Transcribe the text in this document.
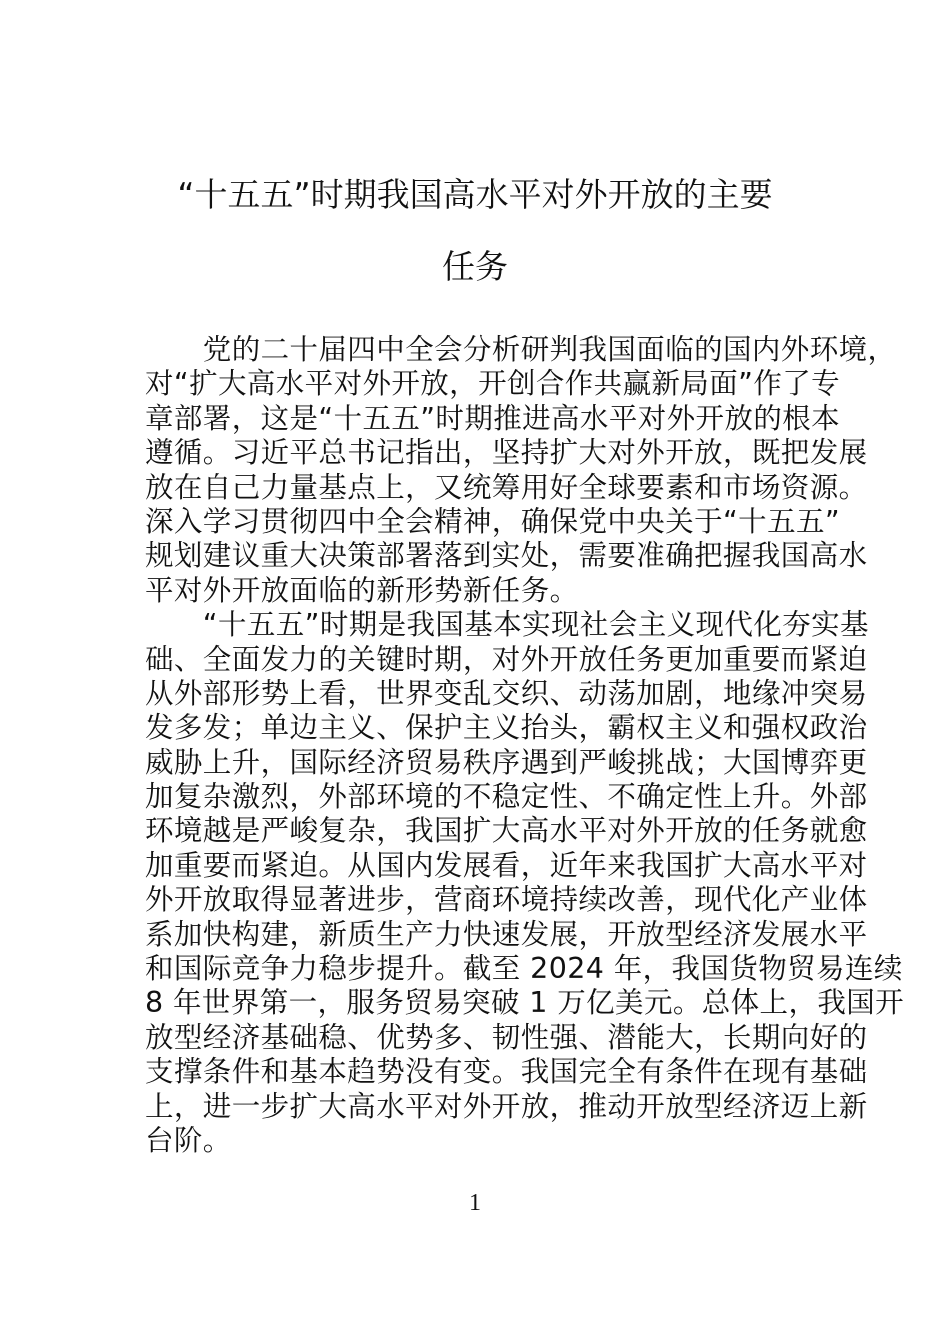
“十五五”时期我国高水平对外开放的主要
任务
　　党的二十届四中全会分析研判我国面临的国内外环境，
对“扩大高水平对外开放，开创合作共赢新局面”作了专
章部署，这是“十五五”时期推进高水平对外开放的根本
遵循。习近平总书记指出，坚持扩大对外开放，既把发展
放在自己力量基点上，又统筹用好全球要素和市场资源。
深入学习贯彻四中全会精神，确保党中央关于“十五五”
规划建议重大决策部署落到实处，需要准确把握我国高水
平对外开放面临的新形势新任务。
　　“十五五”时期是我国基本实现社会主义现代化夯实基
础、全面发力的关键时期，对外开放任务更加重要而紧迫
从外部形势上看，世界变乱交织、动荡加剧，地缘冲突易
发多发；单边主义、保护主义抬头，霸权主义和强权政治
威胁上升，国际经济贸易秩序遇到严峻挑战；大国博弈更
加复杂激烈，外部环境的不稳定性、不确定性上升。外部
环境越是严峻复杂，我国扩大高水平对外开放的任务就愈
加重要而紧迫。从国内发展看，近年来我国扩大高水平对
外开放取得显著进步，营商环境持续改善，现代化产业体
系加快构建，新质生产力快速发展，开放型经济发展水平
和国际竞争力稳步提升。截至 2024 年，我国货物贸易连续
8 年世界第一，服务贸易突破 1 万亿美元。总体上，我国开
放型经济基础稳、优势多、韧性强、潜能大，长期向好的
支撑条件和基本趋势没有变。我国完全有条件在现有基础
上，进一步扩大高水平对外开放，推动开放型经济迈上新
台阶。
1
